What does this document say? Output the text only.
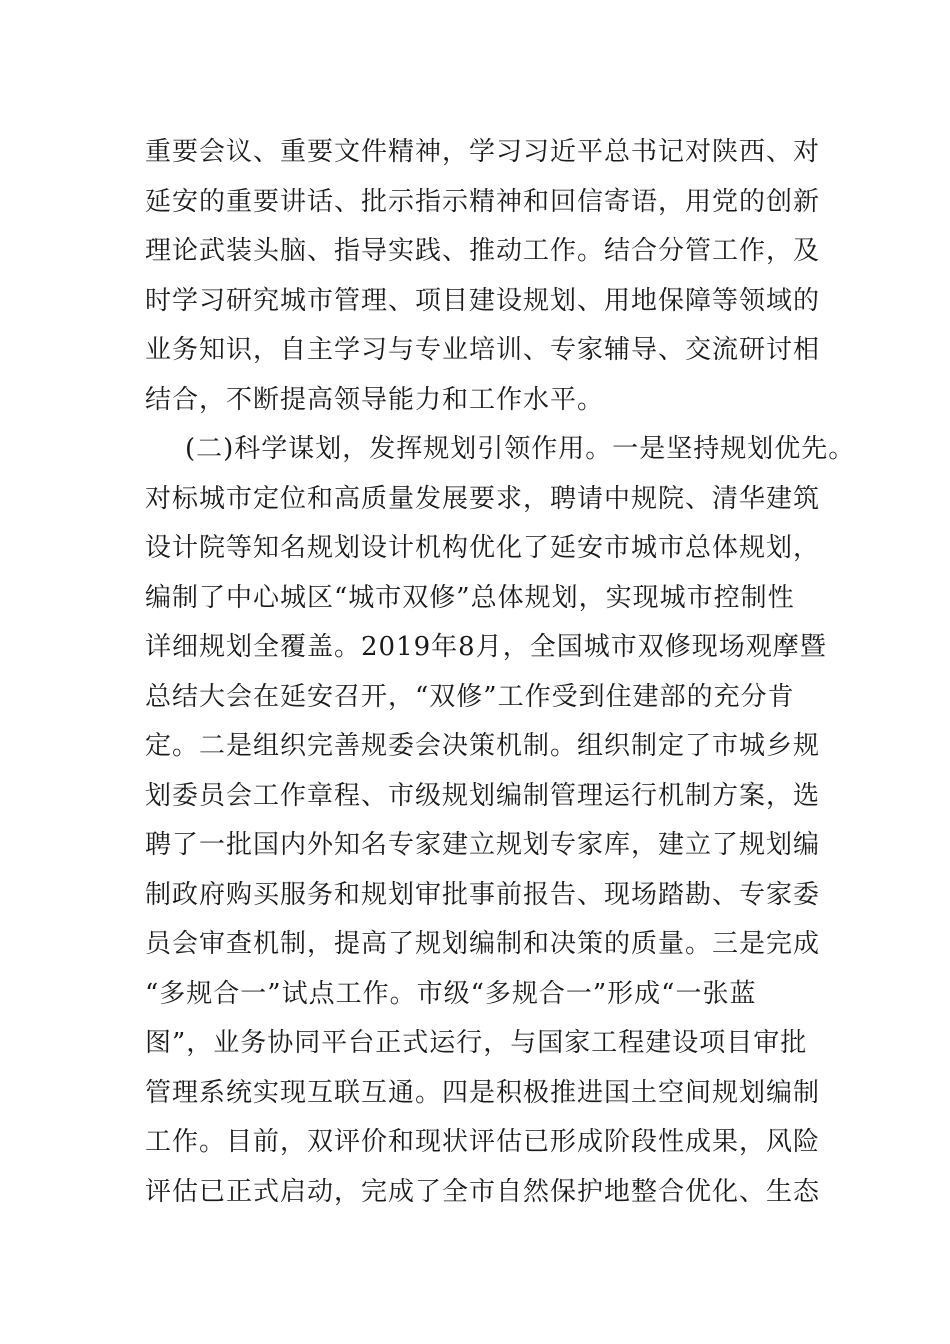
重要会议、重要文件精神，学习习近平总书记对陕西、对
延安的重要讲话、批示指示精神和回信寄语，用党的创新
理论武装头脑、指导实践、推动工作。结合分管工作，及
时学习研究城市管理、项目建设规划、用地保障等领域的
业务知识，自主学习与专业培训、专家辅导、交流研讨相
结合，不断提高领导能力和工作水平。
(二)科学谋划，发挥规划引领作用。一是坚持规划优先。
对标城市定位和高质量发展要求，聘请中规院、清华建筑
设计院等知名规划设计机构优化了延安市城市总体规划，
编制了中心城区“城市双修”总体规划，实现城市控制性
详细规划全覆盖。2019年8月，全国城市双修现场观摩暨
总结大会在延安召开，“双修”工作受到住建部的充分肯
定。二是组织完善规委会决策机制。组织制定了市城乡规
划委员会工作章程、市级规划编制管理运行机制方案，选
聘了一批国内外知名专家建立规划专家库，建立了规划编
制政府购买服务和规划审批事前报告、现场踏勘、专家委
员会审查机制，提高了规划编制和决策的质量。三是完成
“多规合一”试点工作。市级“多规合一”形成“一张蓝
图”，业务协同平台正式运行，与国家工程建设项目审批
管理系统实现互联互通。四是积极推进国土空间规划编制
工作。目前，双评价和现状评估已形成阶段性成果，风险
评估已正式启动，完成了全市自然保护地整合优化、生态
